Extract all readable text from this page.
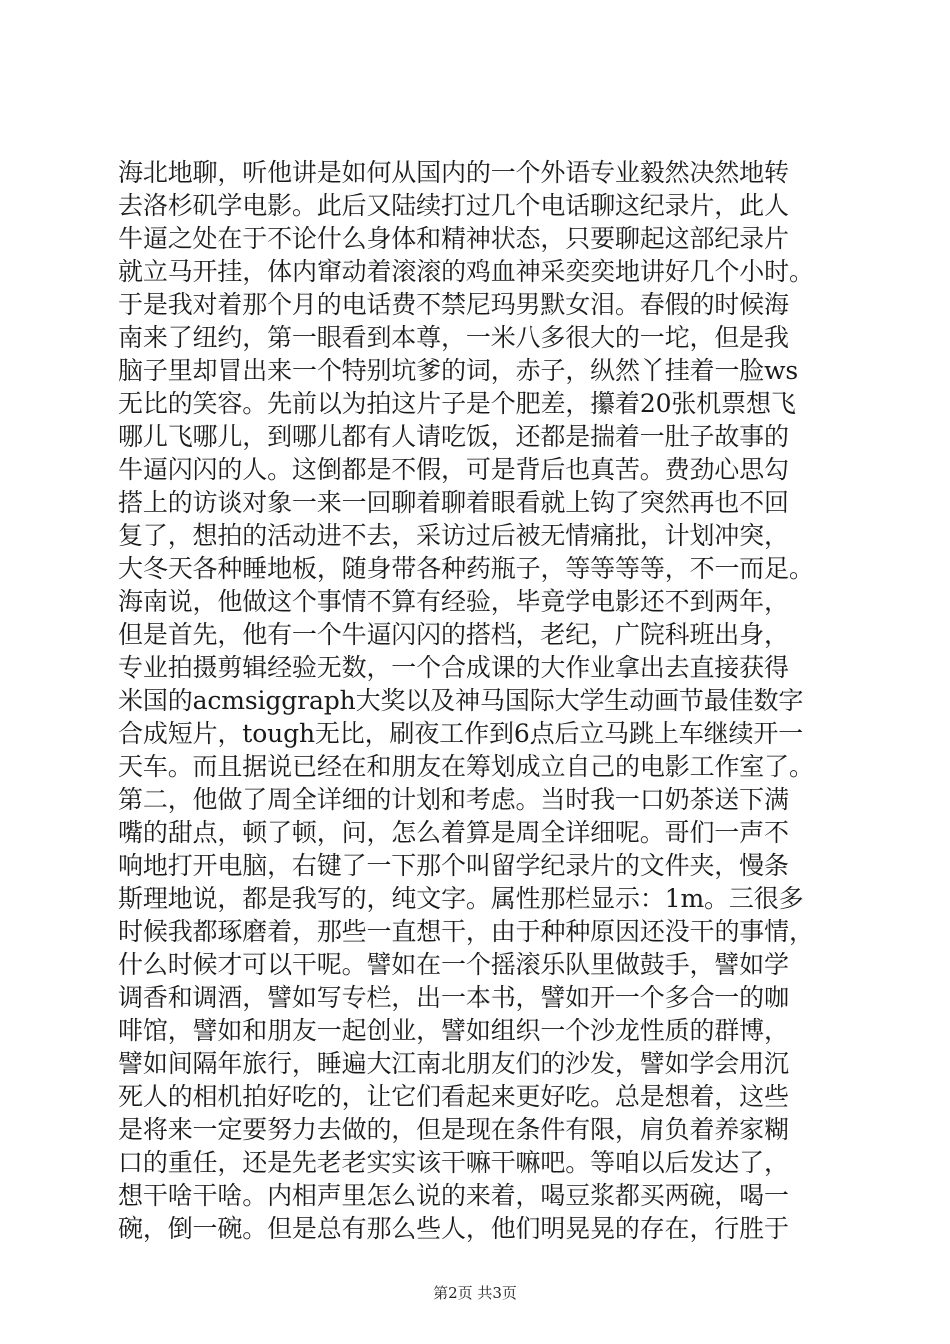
海北地聊，听他讲是如何从国内的一个外语专业毅然决然地转
去洛杉矶学电影。此后又陆续打过几个电话聊这纪录片，此人
牛逼之处在于不论什么身体和精神状态，只要聊起这部纪录片
就立马开挂，体内窜动着滚滚的鸡血神采奕奕地讲好几个小时。
于是我对着那个月的电话费不禁尼玛男默女泪。春假的时候海
南来了纽约，第一眼看到本尊，一米八多很大的一坨，但是我
脑子里却冒出来一个特别坑爹的词，赤子，纵然丫挂着一脸ws
无比的笑容。先前以为拍这片子是个肥差，攥着20张机票想飞
哪儿飞哪儿，到哪儿都有人请吃饭，还都是揣着一肚子故事的
牛逼闪闪的人。这倒都是不假，可是背后也真苦。费劲心思勾
搭上的访谈对象一来一回聊着聊着眼看就上钩了突然再也不回
复了，想拍的活动进不去，采访过后被无情痛批，计划冲突，
大冬天各种睡地板，随身带各种药瓶子，等等等等，不一而足。
海南说，他做这个事情不算有经验，毕竟学电影还不到两年，
但是首先，他有一个牛逼闪闪的搭档，老纪，广院科班出身，
专业拍摄剪辑经验无数，一个合成课的大作业拿出去直接获得
米国的acmsiggraph大奖以及神马国际大学生动画节最佳数字
合成短片，tough无比，刷夜工作到6点后立马跳上车继续开一
天车。而且据说已经在和朋友在筹划成立自己的电影工作室了。
第二，他做了周全详细的计划和考虑。当时我一口奶茶送下满
嘴的甜点，顿了顿，问，怎么着算是周全详细呢。哥们一声不
响地打开电脑，右键了一下那个叫留学纪录片的文件夹，慢条
斯理地说，都是我写的，纯文字。属性那栏显示：1m。三很多
时候我都琢磨着，那些一直想干，由于种种原因还没干的事情，
什么时候才可以干呢。譬如在一个摇滚乐队里做鼓手，譬如学
调香和调酒，譬如写专栏，出一本书，譬如开一个多合一的咖
啡馆，譬如和朋友一起创业，譬如组织一个沙龙性质的群博，
譬如间隔年旅行，睡遍大江南北朋友们的沙发，譬如学会用沉
死人的相机拍好吃的，让它们看起来更好吃。总是想着，这些
是将来一定要努力去做的，但是现在条件有限，肩负着养家糊
口的重任，还是先老老实实该干嘛干嘛吧。等咱以后发达了，
想干啥干啥。内相声里怎么说的来着，喝豆浆都买两碗，喝一
碗，倒一碗。但是总有那么些人，他们明晃晃的存在，行胜于
第2页 共3页
